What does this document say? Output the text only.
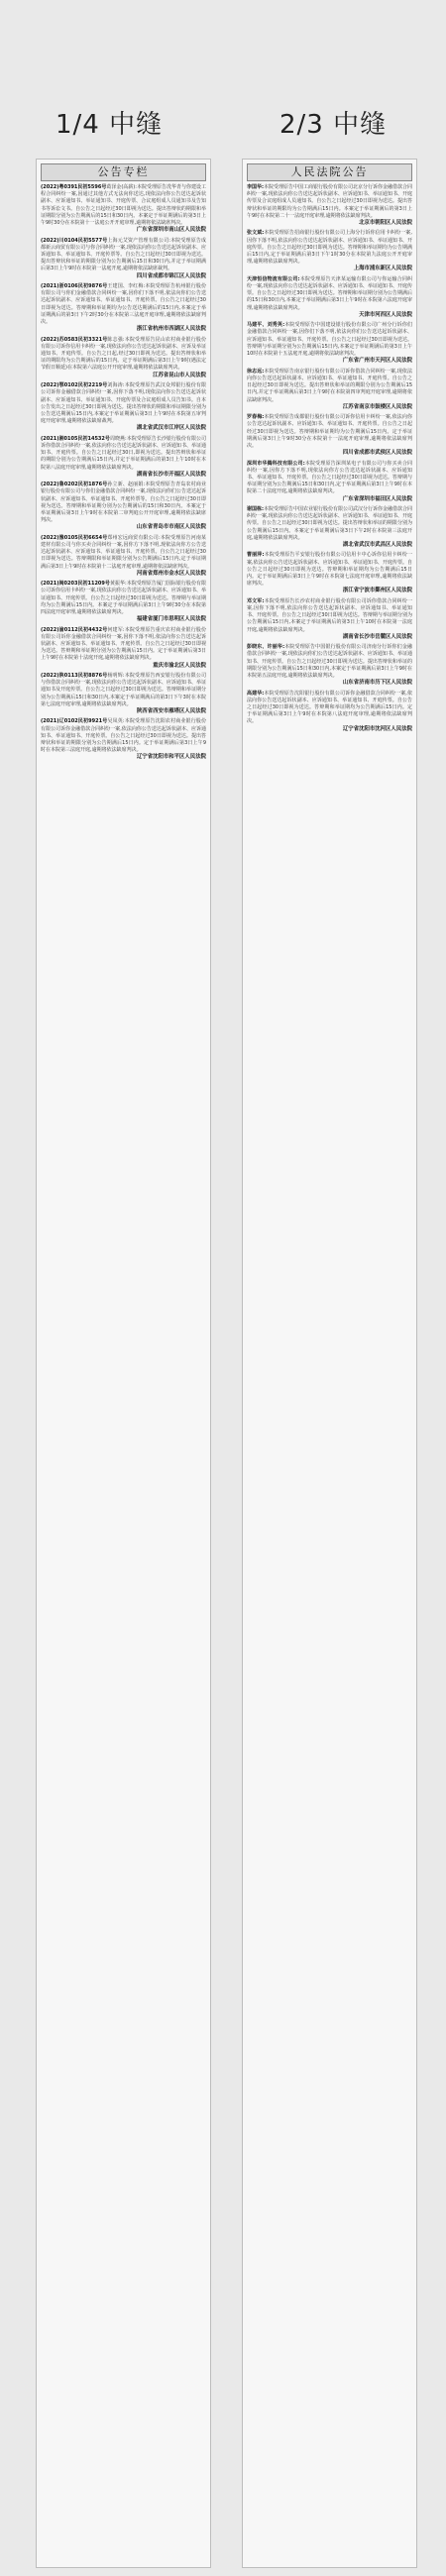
1/4 中缝	2/3 中缝
公告专栏
(2022)粤0391民初5596号葛泽金(高薪):本院受理原告冼华青与你建设工程合同纠纷一案,因通过其他方式无法向你送达,现依法向你公告送达起诉状副本、应诉通知书、举证通知书、开庭传票、合议庭组成人员通知书及告知书等诉讼文书。自公告之日起经过30日即视为送达。提出答辩状的期限和举证期限分别为公告期满后的15日和30日内。本案定于举证期满后的第3日上午9时30分在本院第十一法庭公开开庭审理,逾期将依法缺席判决。
广东省深圳市南山区人民法院
(2022)川0104民初5577号上海元艾资产管理有限公司:本院受理原告成都新云商贸有限公司与你合同纠纷一案,现依法向你公告送达起诉状副本、应诉通知书、举证通知书、开庭传票等。自公告之日起经过30日即视为送达。提出答辩状和举证的期限分别为公告期满后15日和30日内,并定于举证期满后第3日上午9时在本院第一法庭开庭,逾期将依法缺席裁判。
四川省成都市锦江区人民法院
(2021)浙0106民初9876号王建国、李红梅:本院受理原告杭州银行股份有限公司与你们金融借款合同纠纷一案,因你们下落不明,依法向你们公告送达起诉状副本、应诉通知书、举证通知书、开庭传票。自公告之日起经过30日即视为送达。答辩期和举证期均为公告送达期满后的15日内,本案定于举证期满后的第3日下午2时30分在本院第三法庭开庭审理,逾期将依法缺席判决。
浙江省杭州市西湖区人民法院
(2022)苏0583民初3321号陈志强:本院受理原告昆山农村商业银行股份有限公司诉你信用卡纠纷一案,现依法向你公告送达起诉状副本、应诉及举证通知书、开庭传票。自公告之日起,经过30日即视为送达。提出答辩状和举证的期限均为公告期满后的15日内。定于举证期满后第3日上午9时(遇法定节假日顺延)在本院第六法庭公开开庭审理,逾期将依法缺席判决。
江苏省昆山市人民法院
(2022)鄂0102民初2219号刘海涛:本院受理原告武汉众邦银行股份有限公司诉你金融借款合同纠纷一案,因你下落不明,现依法向你公告送达起诉状副本、应诉通知书、举证通知书、开庭传票及合议庭组成人员告知书。自本公告发出之日起经过30日即视为送达。提出答辩状的期限和举证期限分别为公告送达期满后15日内,本案定于举证期满后第3日上午9时在本院第五审判庭开庭审理,逾期将依法缺席裁判。
湖北省武汉市江岸区人民法院
(2021)湘0105民初14532号周晓燕:本院受理原告长沙银行股份有限公司诉你借款合同纠纷一案,依法向你公告送达起诉状副本、应诉通知书、举证通知书、开庭传票。自公告之日起经过30日,即视为送达。提出答辩状和举证的期限分别为公告期满后15日内,并定于举证期满后的第3日上午10时在本院第八法庭开庭审理,逾期将依法缺席判决。
湖南省长沙市开福区人民法院
(2022)鲁0202民初1876号孙立新、赵丽娟:本院受理原告青岛农村商业银行股份有限公司与你们金融借款合同纠纷一案,现依法向你们公告送达起诉状副本、应诉通知书、举证通知书、开庭传票等。自公告之日起经过30日即视为送达。答辩期和举证期分别为公告期满后的15日和30日内。本案定于举证期满后第3日上午9时在本院第二审判庭公开开庭审理,逾期将依法缺席判决。
山东省青岛市市南区人民法院
(2022)豫0105民初6654号郑州宏远商贸有限公司:本院受理原告河南某建材有限公司与你买卖合同纠纷一案,因你方下落不明,现依法向你方公告送达起诉状副本、应诉通知书、举证通知书、开庭传票。自公告之日起经过30日即视为送达。答辩期限和举证期限分别为公告期满后15日内,定于举证期满后第3日上午9时在本院第十二法庭开庭审理,逾期将依法缺席判决。
河南省郑州市金水区人民法院
(2021)闽0203民初11209号黄振华:本院受理原告厦门国际银行股份有限公司诉你信用卡纠纷一案,现依法向你公告送达起诉状副本、应诉通知书、举证通知书、开庭传票。自公告之日起经过30日即视为送达。答辩期与举证期均为公告期满后15日内。本案定于举证期满后第3日上午9时30分在本院第四法庭开庭审理,逾期将依法缺席判决。
福建省厦门市思明区人民法院
(2022)渝0112民初4432号何建军:本院受理原告重庆农村商业银行股份有限公司诉你金融借款合同纠纷一案,因你下落不明,依法向你公告送达起诉状副本、应诉通知书、举证通知书、开庭传票。自公告之日起经过30日即视为送达。答辩期和举证期分别为公告期满后15日内。定于举证期满后第3日上午9时在本院第十法庭开庭,逾期将依法缺席判决。
重庆市渝北区人民法院
(2022)陕0113民初8876号杨明辉:本院受理原告西安银行股份有限公司与你借款合同纠纷一案,现依法向你公告送达起诉状副本、应诉通知书、举证通知书及开庭传票。自公告之日起经过30日即视为送达。答辩期和举证期分别为公告期满后15日和30日内,本案定于举证期满后的第3日下午3时在本院第七法庭开庭审理,逾期将依法缺席判决。
陕西省西安市雁塔区人民法院
(2021)辽0102民初9921号吴凤英:本院受理原告沈阳农村商业银行股份有限公司诉你金融借款合同纠纷一案,依法向你公告送达起诉状副本、应诉通知书、举证通知书、开庭传票。自公告之日起经过30日即视为送达。提出答辩状和举证的期限分别为公告期满后15日内。定于举证期满后第3日上午9时在本院第三法庭开庭,逾期将依法缺席判决。
辽宁省沈阳市和平区人民法院
人民法院公告
李国华:本院受理原告中国工商银行股份有限公司北京分行诉你金融借款合同纠纷一案,现依法向你公告送达起诉状副本、应诉通知书、举证通知书、开庭传票及合议庭组成人员通知书。自公告之日起经过30日即视为送达。提出答辩状和举证的期限均为公告期满后15日内。本案定于举证期满后的第3日上午9时在本院第二十一法庭开庭审理,逾期将依法缺席判决。
北京市朝阳区人民法院
张文斌:本院受理原告招商银行股份有限公司上海分行诉你信用卡纠纷一案,因你下落不明,依法向你公告送达起诉状副本、应诉通知书、举证通知书、开庭传票。自公告之日起经过30日即视为送达。答辩期和举证期均为公告期满后15日内,定于举证期满后第3日下午1时30分在本院第九法庭公开开庭审理,逾期将依法缺席判决。
上海市浦东新区人民法院
天津恒信物流有限公司:本院受理原告天津某运输有限公司与你运输合同纠纷一案,现依法向你公告送达起诉状副本、应诉通知书、举证通知书、开庭传票。自公告之日起经过30日即视为送达。答辩期和举证期分别为公告期满后的15日和30日内,本案定于举证期满后第3日上午9时在本院第六法庭开庭审理,逾期将依法缺席判决。
天津市河西区人民法院
马建平、刘秀英:本院受理原告中国建设银行股份有限公司广州分行诉你们金融借款合同纠纷一案,因你们下落不明,依法向你们公告送达起诉状副本、应诉通知书、举证通知书、开庭传票。自公告之日起经过30日即视为送达。答辩期与举证期分别为公告期满后15日内,本案定于举证期满后的第3日上午10时在本院第十五法庭开庭,逾期将依法缺席判决。
广东省广州市天河区人民法院
徐志远:本院受理原告南京银行股份有限公司诉你借款合同纠纷一案,现依法向你公告送达起诉状副本、应诉通知书、举证通知书、开庭传票。自公告之日起经过30日即视为送达。提出答辩状和举证的期限分别为公告期满后15日内,并定于举证期满后第3日上午9时在本院第四审判庭开庭审理,逾期将依法缺席判决。
江苏省南京市鼓楼区人民法院
罗春梅:本院受理原告成都银行股份有限公司诉你信用卡纠纷一案,依法向你公告送达起诉状副本、应诉通知书、举证通知书、开庭传票。自公告之日起经过30日即视为送达。答辩期和举证期均为公告期满后15日内。定于举证期满后第3日上午9时30分在本院第十一法庭开庭审理,逾期将依法缺席判决。
四川省成都市武侯区人民法院
深圳市华腾科技有限公司:本院受理原告深圳某电子有限公司与你买卖合同纠纷一案,因你方下落不明,现依法向你方公告送达起诉状副本、应诉通知书、举证通知书、开庭传票。自公告之日起经过30日即视为送达。答辩期与举证期分别为公告期满后15日和30日内,定于举证期满后第3日上午9时在本院第二十法庭开庭,逾期将依法缺席判决。
广东省深圳市福田区人民法院
谢国栋:本院受理原告中国农业银行股份有限公司武汉分行诉你金融借款合同纠纷一案,现依法向你公告送达起诉状副本、应诉通知书、举证通知书、开庭传票。自公告之日起经过30日即视为送达。提出答辩状和举证的期限分别为公告期满后15日内。本案定于举证期满后第3日下午2时在本院第三法庭开庭,逾期将依法缺席判决。
湖北省武汉市武昌区人民法院
曹丽萍:本院受理原告平安银行股份有限公司信用卡中心诉你信用卡纠纷一案,依法向你公告送达起诉状副本、应诉通知书、举证通知书、开庭传票。自公告之日起经过30日即视为送达。答辩期和举证期均为公告期满后15日内。定于举证期满后第3日上午9时在本院第七法庭开庭审理,逾期将依法缺席判决。
浙江省宁波市鄞州区人民法院
邓文军:本院受理原告长沙农村商业银行股份有限公司诉你借款合同纠纷一案,因你下落不明,依法向你公告送达起诉状副本、应诉通知书、举证通知书、开庭传票。自公告之日起经过30日即视为送达。答辩期与举证期分别为公告期满后15日内,本案定于举证期满后的第3日上午10时在本院第一法庭开庭,逾期将依法缺席判决。
湖南省长沙市岳麓区人民法院
彭晓东、许丽华:本院受理原告中国银行股份有限公司济南分行诉你们金融借款合同纠纷一案,现依法向你们公告送达起诉状副本、应诉通知书、举证通知书、开庭传票。自公告之日起经过30日即视为送达。提出答辩状和举证的期限分别为公告期满后15日和30日内,本案定于举证期满后第3日上午9时在本院第五法庭开庭,逾期将依法缺席判决。
山东省济南市历下区人民法院
高建华:本院受理原告沈阳银行股份有限公司诉你金融借款合同纠纷一案,依法向你公告送达起诉状副本、应诉通知书、举证通知书、开庭传票。自公告之日起经过30日即视为送达。答辩期和举证期均为公告期满后15日内。定于举证期满后第3日上午9时在本院第八法庭开庭审理,逾期将依法缺席判决。
辽宁省沈阳市沈河区人民法院
